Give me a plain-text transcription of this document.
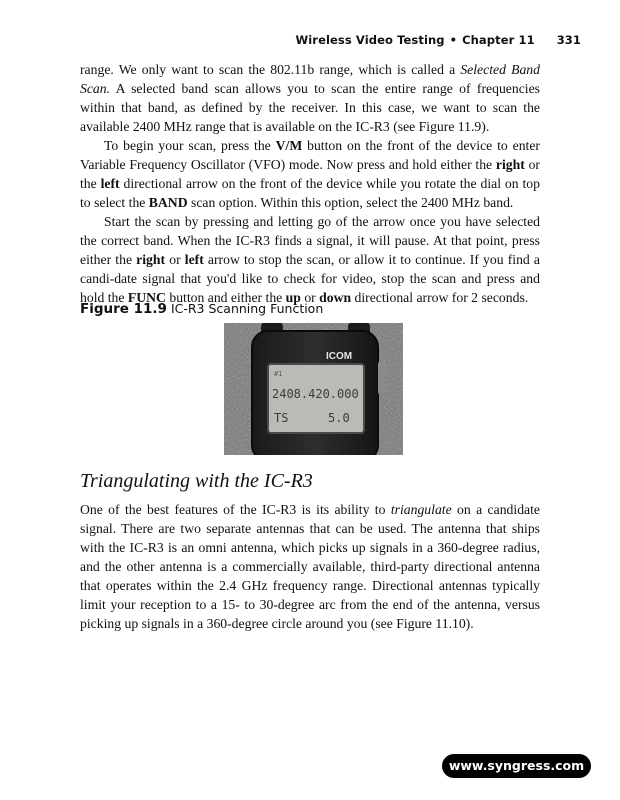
Wireless Video Testing • Chapter 11 331

range. We only want to scan the 802.11b range, which is called a Selected Band Scan. A selected band scan allows you to scan the entire range of frequencies within that band, as defined by the receiver. In this case, we want to scan the available 2400 MHz range that is available on the IC-R3 (see Figure 11.9).

To begin your scan, press the V/M button on the front of the device to enter Variable Frequency Oscillator (VFO) mode. Now press and hold either the right or the left directional arrow on the front of the device while you rotate the dial on top to select the BAND scan option. Within this option, select the 2400 MHz band.

Start the scan by pressing and letting go of the arrow once you have selected the correct band. When the IC-R3 finds a signal, it will pause. At that point, press either the right or left arrow to stop the scan, or allow it to continue. If you find a candi-date signal that you'd like to check for video, stop the scan and press and hold the FUNC button and either the up or down directional arrow for 2 seconds.

Figure 11.9 IC-R3 Scanning Function
ICOM
#1
2408.420.000
TS	5.0
Triangulating with the IC-R3

One of the best features of the IC-R3 is its ability to triangulate on a candidate signal. There are two separate antennas that can be used. The antenna that ships with the IC-R3 is an omni antenna, which picks up signals in a 360-degree radius, and the other antenna is a commercially available, third-party directional antenna that operates within the 2.4 GHz frequency range. Directional antennas typically limit your reception to a 15- to 30-degree arc from the end of the antenna, versus picking up signals in a 360-degree circle around you (see Figure 11.10).

www.syngress.com
